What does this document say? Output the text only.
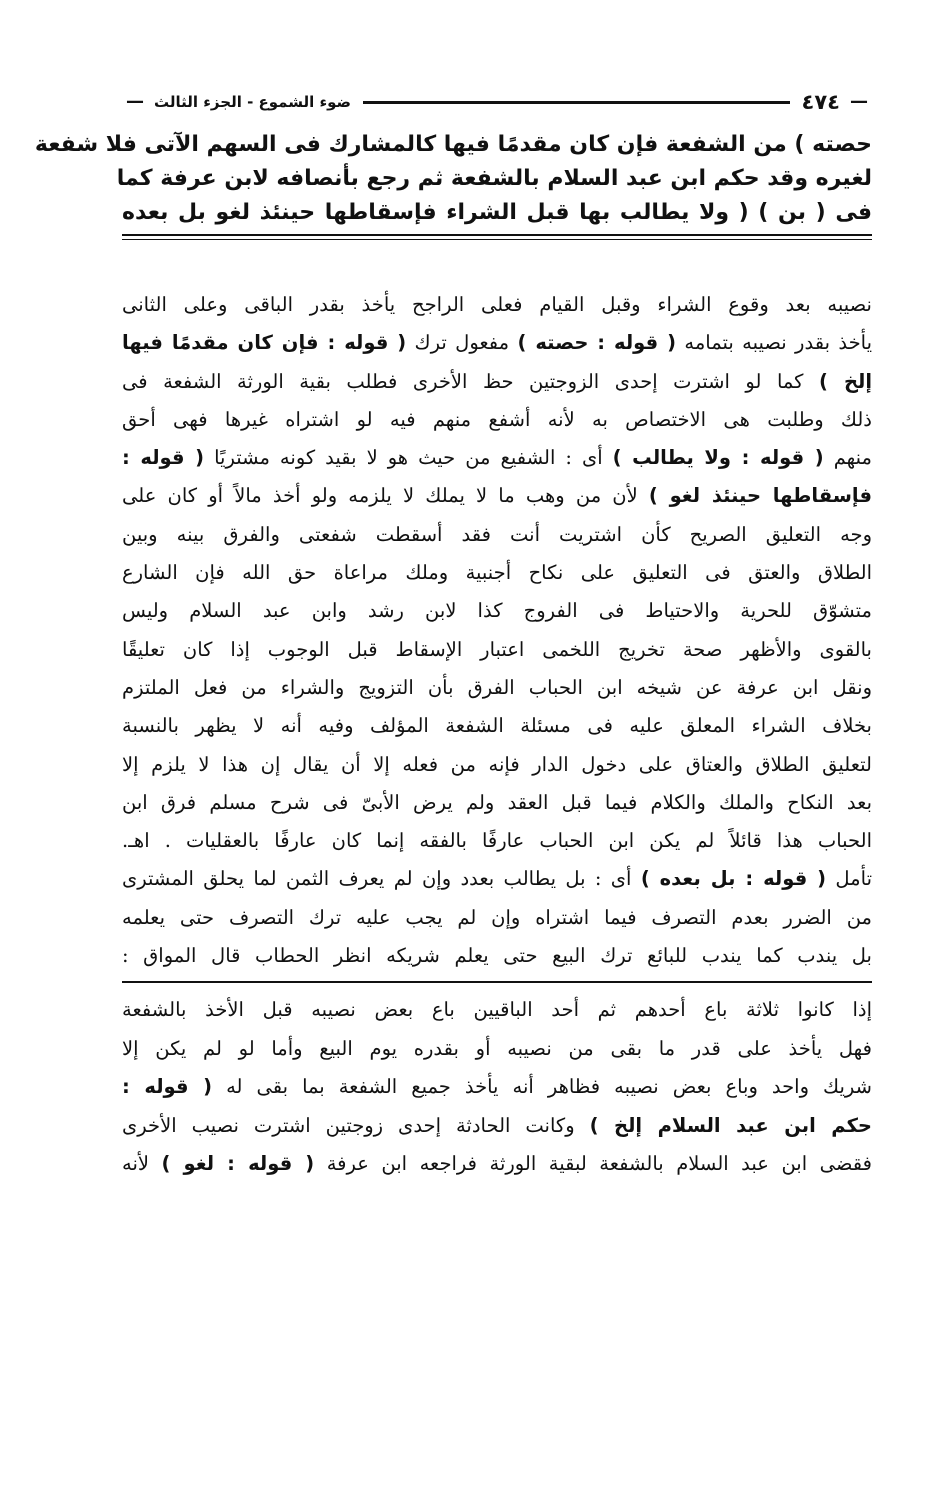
—
٤٧٤
ضوء الشموع - الجزء الثالث
—
حصته ) من الشفعة فإن كان مقدمًا فيها كالمشارك فى السهم الآتى فلا شفعة
لغيره وقد حكم ابن عبد السلام بالشفعة ثم رجع بأنصافه لابن عرفة كما
فى ( بن ) ( ولا يطالب بها قبل الشراء فإسقاطها حينئذ لغو بل بعده
نصيبه بعد وقوع الشراء وقبل القيام فعلى الراجح يأخذ بقدر الباقى وعلى الثانى
يأخذ بقدر نصيبه بتمامه ( قوله : حصته ) مفعول ترك ( قوله : فإن كان مقدمًا فيها
إلخ ) كما لو اشترت إحدى الزوجتين حظ الأخرى فطلب بقية الورثة الشفعة فى
ذلك وطلبت هى الاختصاص به لأنه أشفع منهم فيه لو اشتراه غيرها فهى أحق
منهم ( قوله : ولا يطالب ) أى : الشفيع من حيث هو لا بقيد كونه مشتريًا ( قوله :
فإسقاطها حينئذ لغو ) لأن من وهب ما لا يملك لا يلزمه ولو أخذ مالاً أو كان على
وجه التعليق الصريح كأن اشتريت أنت فقد أسقطت شفعتى والفرق بينه وبين
الطلاق والعتق فى التعليق على نكاح أجنبية وملك مراعاة حق الله فإن الشارع
متشوّق للحرية والاحتياط فى الفروج كذا لابن رشد وابن عبد السلام وليس
بالقوى والأظهر صحة تخريج اللخمى اعتبار الإسقاط قبل الوجوب إذا كان تعليقًا
ونقل ابن عرفة عن شيخه ابن الحباب الفرق بأن التزويج والشراء من فعل الملتزم
بخلاف الشراء المعلق عليه فى مسئلة الشفعة المؤلف وفيه أنه لا يظهر بالنسبة
لتعليق الطلاق والعتاق على دخول الدار فإنه من فعله إلا أن يقال إن هذا لا يلزم إلا
بعد النكاح والملك والكلام فيما قبل العقد ولم يرض الأبىّ فى شرح مسلم فرق ابن
الحباب هذا قائلاً لم يكن ابن الحباب عارفًا بالفقه إنما كان عارفًا بالعقليات . اهـ.
تأمل ( قوله : بل بعده ) أى : بل يطالب بعدد وإن لم يعرف الثمن لما يحلق المشترى
من الضرر بعدم التصرف فيما اشتراه وإن لم يجب عليه ترك التصرف حتى يعلمه
بل يندب كما يندب للبائع ترك البيع حتى يعلم شريكه انظر الحطاب قال المواق :
إذا كانوا ثلاثة باع أحدهم ثم أحد الباقيين باع بعض نصيبه قبل الأخذ بالشفعة
فهل يأخذ على قدر ما بقى من نصيبه أو بقدره يوم البيع وأما لو لم يكن إلا
شريك واحد وباع بعض نصيبه فظاهر أنه يأخذ جميع الشفعة بما بقى له ( قوله :
حكم ابن عبد السلام إلخ ) وكانت الحادثة إحدى زوجتين اشترت نصيب الأخرى
فقضى ابن عبد السلام بالشفعة لبقية الورثة فراجعه ابن عرفة ( قوله : لغو ) لأنه
